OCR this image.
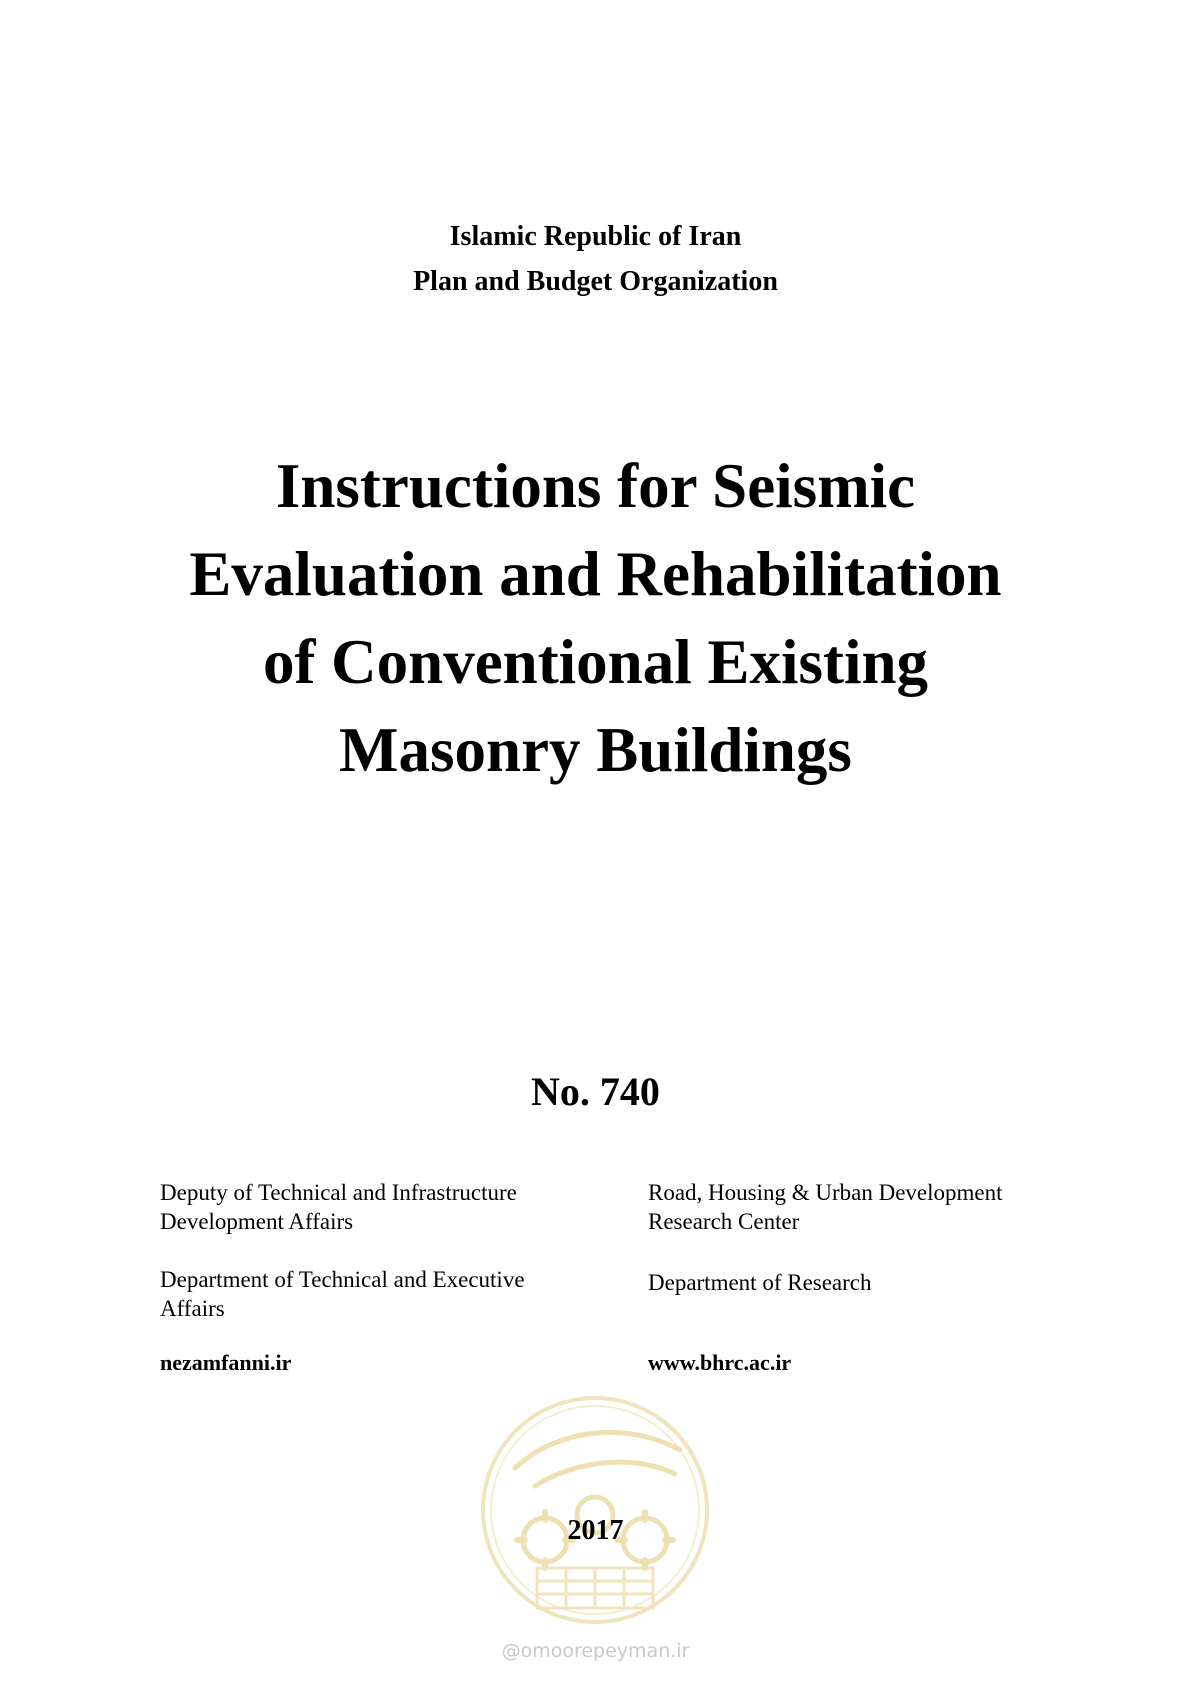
Islamic Republic of Iran
Plan and Budget Organization
Instructions for Seismic
Evaluation and Rehabilitation
of Conventional Existing
Masonry Buildings
No. 740
Deputy of Technical and Infrastructure
Development Affairs
Department of Technical and Executive
Affairs
nezamfanni.ir
Road, Housing & Urban Development
Research Center
Department of Research
www.bhrc.ac.ir
2017
@omoorepeyman.ir
